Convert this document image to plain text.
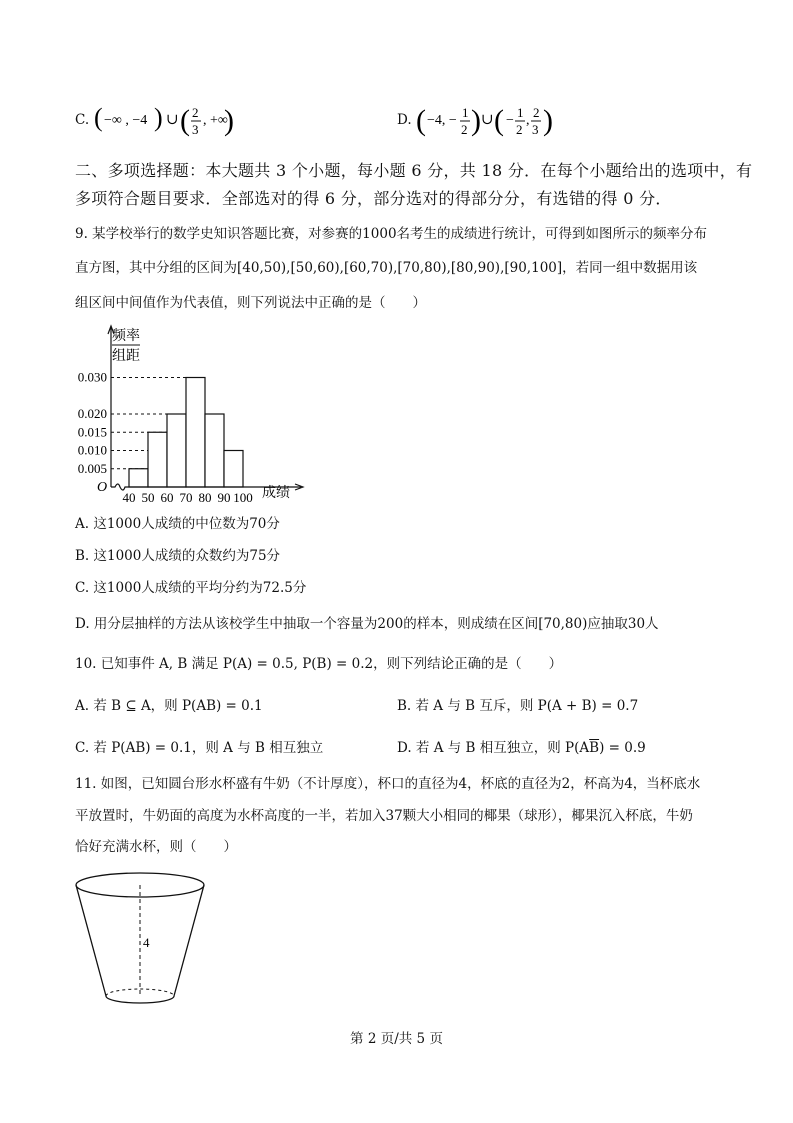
C. ( −∞ , −4 ) ∪ ( 2
3
, +∞
)	D. ( −4, −
1
2 ) ∪ ( −
1
2
,
2
3 )
二、多项选择题：本大题共 3 个小题，每小题 6 分，共 18 分．在每个小题给出的选项中，有
多项符合题目要求．全部选对的得 6 分，部分选对的得部分分，有选错的得 0 分．
9. 某学校举行的数学史知识答题比赛，对参赛的1000名考生的成绩进行统计，可得到如图所示的频率分布
直方图，其中分组的区间为[40,50),[50,60),[60,70),[70,80),[80,90),[90,100]，若同一组中数据用该
组区间中间值作为代表值，则下列说法中正确的是（　　）
频率
组距
O	成绩
0.030
0.020
0.015
0.010
0.005
40 50 60 70 80 90 100
A. 这1000人成绩的中位数为70分
B. 这1000人成绩的众数约为75分
C. 这1000人成绩的平均分约为72.5分
D. 用分层抽样的方法从该校学生中抽取一个容量为200的样本，则成绩在区间[70,80)应抽取30人
10. 已知事件 A, B 满足 P(A) = 0.5, P(B) = 0.2，则下列结论正确的是（　　）
A. 若 B ⊆ A，则 P(AB) = 0.1	B. 若 A 与 B 互斥，则 P(A + B) = 0.7
C. 若 P(AB) = 0.1，则 A 与 B 相互独立	D. 若 A 与 B 相互独立，则 $P(A\overline{B}) = 0.9$
11. 如图，已知圆台形水杯盛有牛奶（不计厚度），杯口的直径为4，杯底的直径为2，杯高为4，当杯底水
平放置时，牛奶面的高度为水杯高度的一半，若加入37颗大小相同的椰果（球形），椰果沉入杯底，牛奶
恰好充满水杯，则（　　）
4
第 2 页/共 5 页
